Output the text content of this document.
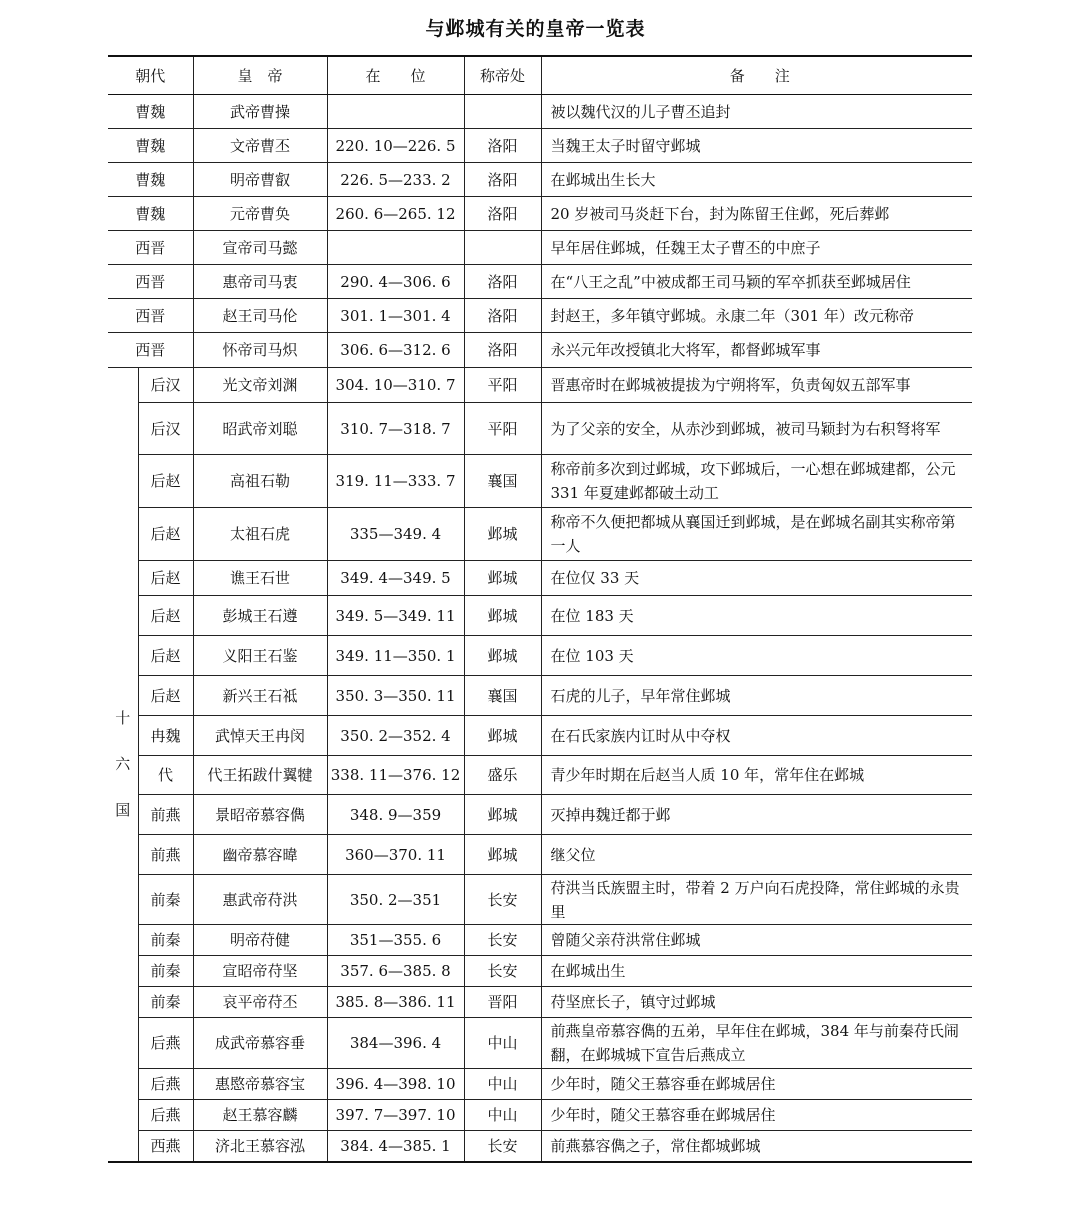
与邺城有关的皇帝一览表
朝代		皇　帝	在　　位	称帝处	备　　注
曹魏		武帝曹操			被以魏代汉的儿子曹丕追封
曹魏		文帝曹丕	220. 10—226. 5	洛阳	当魏王太子时留守邺城
曹魏		明帝曹叡	226. 5—233. 2	洛阳	在邺城出生长大
曹魏		元帝曹奂	260. 6—265. 12	洛阳	20 岁被司马炎赶下台，封为陈留王住邺，死后葬邺
西晋		宣帝司马懿			早年居住邺城，任魏王太子曹丕的中庶子
西晋		惠帝司马衷	290. 4—306. 6	洛阳	在“八王之乱”中被成都王司马颖的军卒抓获至邺城居住
西晋		赵王司马伦	301. 1—301. 4	洛阳	封赵王，多年镇守邺城。永康二年（301 年）改元称帝
西晋		怀帝司马炽	306. 6—312. 6	洛阳	永兴元年改授镇北大将军，都督邺城军事

十
六
国	后汉	光文帝刘渊	304. 10—310. 7	平阳	晋惠帝时在邺城被提拔为宁朔将军，负责匈奴五部军事
	后汉	昭武帝刘聪	310. 7—318. 7	平阳	为了父亲的安全，从赤沙到邺城，被司马颖封为右积弩将军
	后赵	高祖石勒	319. 11—333. 7	襄国	称帝前多次到过邺城，攻下邺城后，一心想在邺城建都，公元 331 年夏建邺都破土动工
	后赵	太祖石虎	335—349. 4	邺城	称帝不久便把都城从襄国迁到邺城，是在邺城名副其实称帝第一人
	后赵	谯王石世	349. 4—349. 5	邺城	在位仅 33 天
	后赵	彭城王石遵	349. 5—349. 11	邺城	在位 183 天
	后赵	义阳王石鉴	349. 11—350. 1	邺城	在位 103 天
	后赵	新兴王石祗	350. 3—350. 11	襄国	石虎的儿子，早年常住邺城
	冉魏	武悼天王冉闵	350. 2—352. 4	邺城	在石氏家族内讧时从中夺权
	代	代王拓跋什翼犍	338. 11—376. 12	盛乐	青少年时期在后赵当人质 10 年，常年住在邺城
	前燕	景昭帝慕容儁	348. 9—359	邺城	灭掉冉魏迁都于邺
	前燕	幽帝慕容暐	360—370. 11	邺城	继父位
	前秦	惠武帝苻洪	350. 2—351	长安	苻洪当氐族盟主时，带着 2 万户向石虎投降，常住邺城的永贵里
	前秦	明帝苻健	351—355. 6	长安	曾随父亲苻洪常住邺城
	前秦	宣昭帝苻坚	357. 6—385. 8	长安	在邺城出生
	前秦	哀平帝苻丕	385. 8—386. 11	晋阳	苻坚庶长子，镇守过邺城
	后燕	成武帝慕容垂	384—396. 4	中山	前燕皇帝慕容儁的五弟，早年住在邺城，384 年与前秦苻氏闹翻，在邺城城下宣告后燕成立
	后燕	惠愍帝慕容宝	396. 4—398. 10	中山	少年时，随父王慕容垂在邺城居住
	后燕	赵王慕容麟	397. 7—397. 10	中山	少年时，随父王慕容垂在邺城居住
	西燕	济北王慕容泓	384. 4—385. 1	长安	前燕慕容儁之子，常住都城邺城
